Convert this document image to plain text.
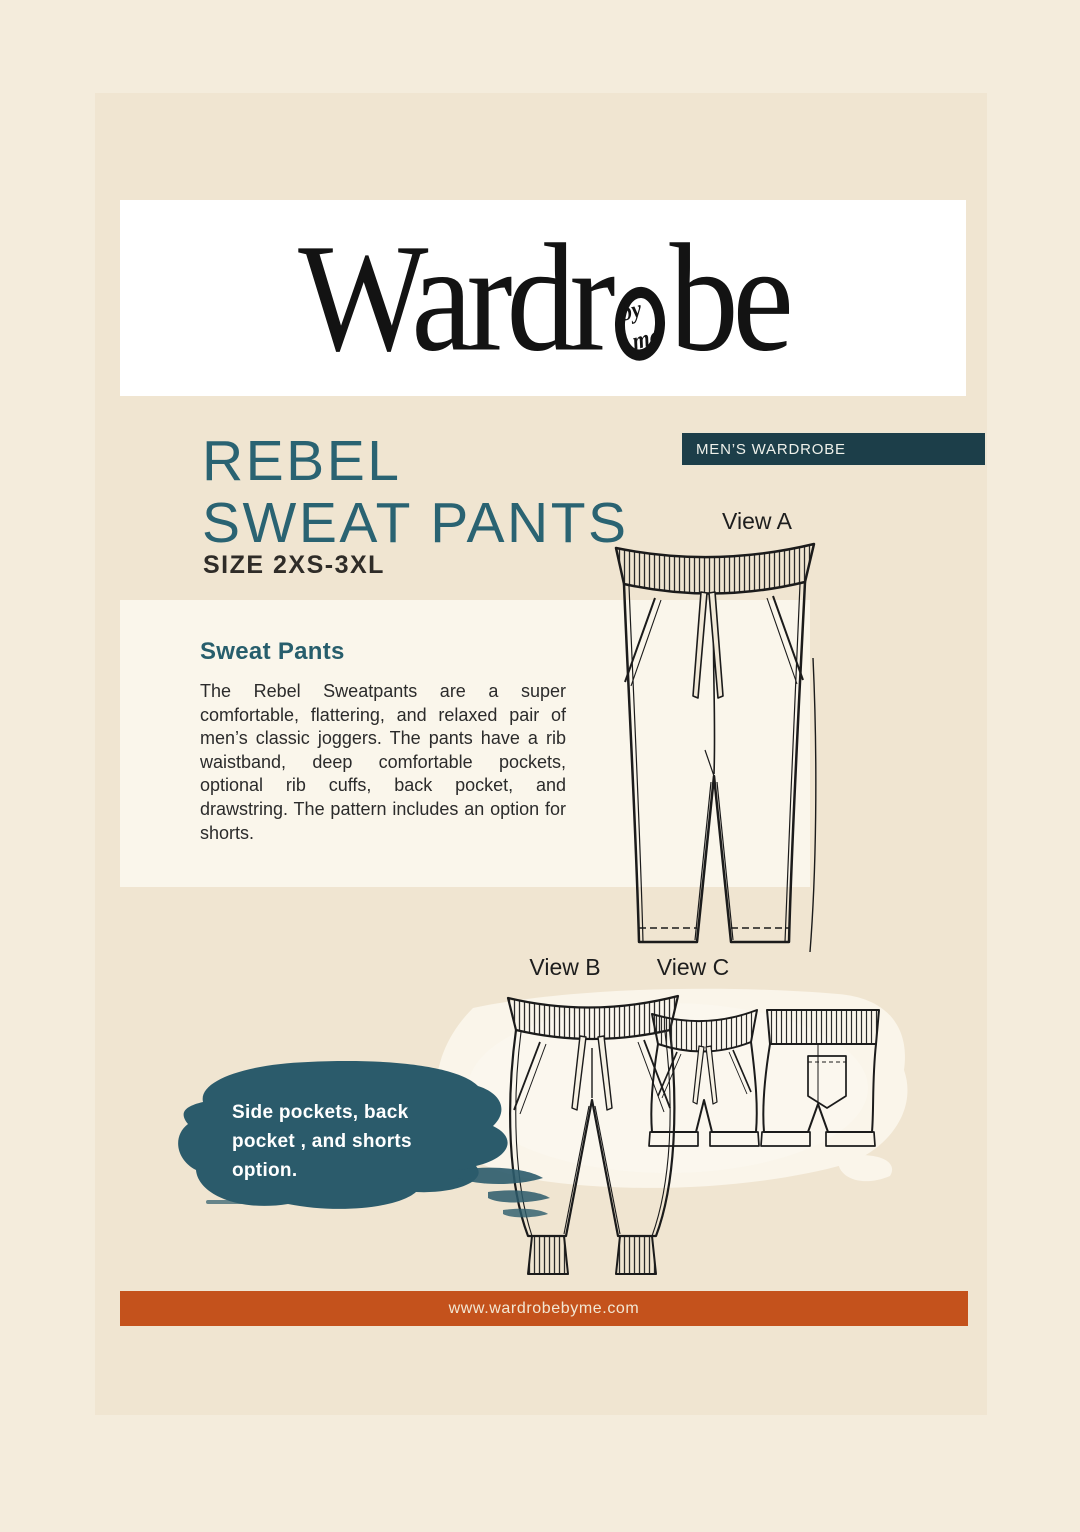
Wardr by
me be
REBEL
SWEAT PANTS
SIZE 2XS-3XL
MEN’S WARDROBE
Sweat Pants
The Rebel Sweatpants are a super comfortable, flattering, and relaxed pair of men’s classic joggers. The pants have a rib waistband, deep comfortable pockets, optional rib cuffs, back pocket, and drawstring. The pattern includes an option for shorts.
View A
View B	View C
Side pockets, back
pocket , and shorts
option.
www.wardrobebyme.com
